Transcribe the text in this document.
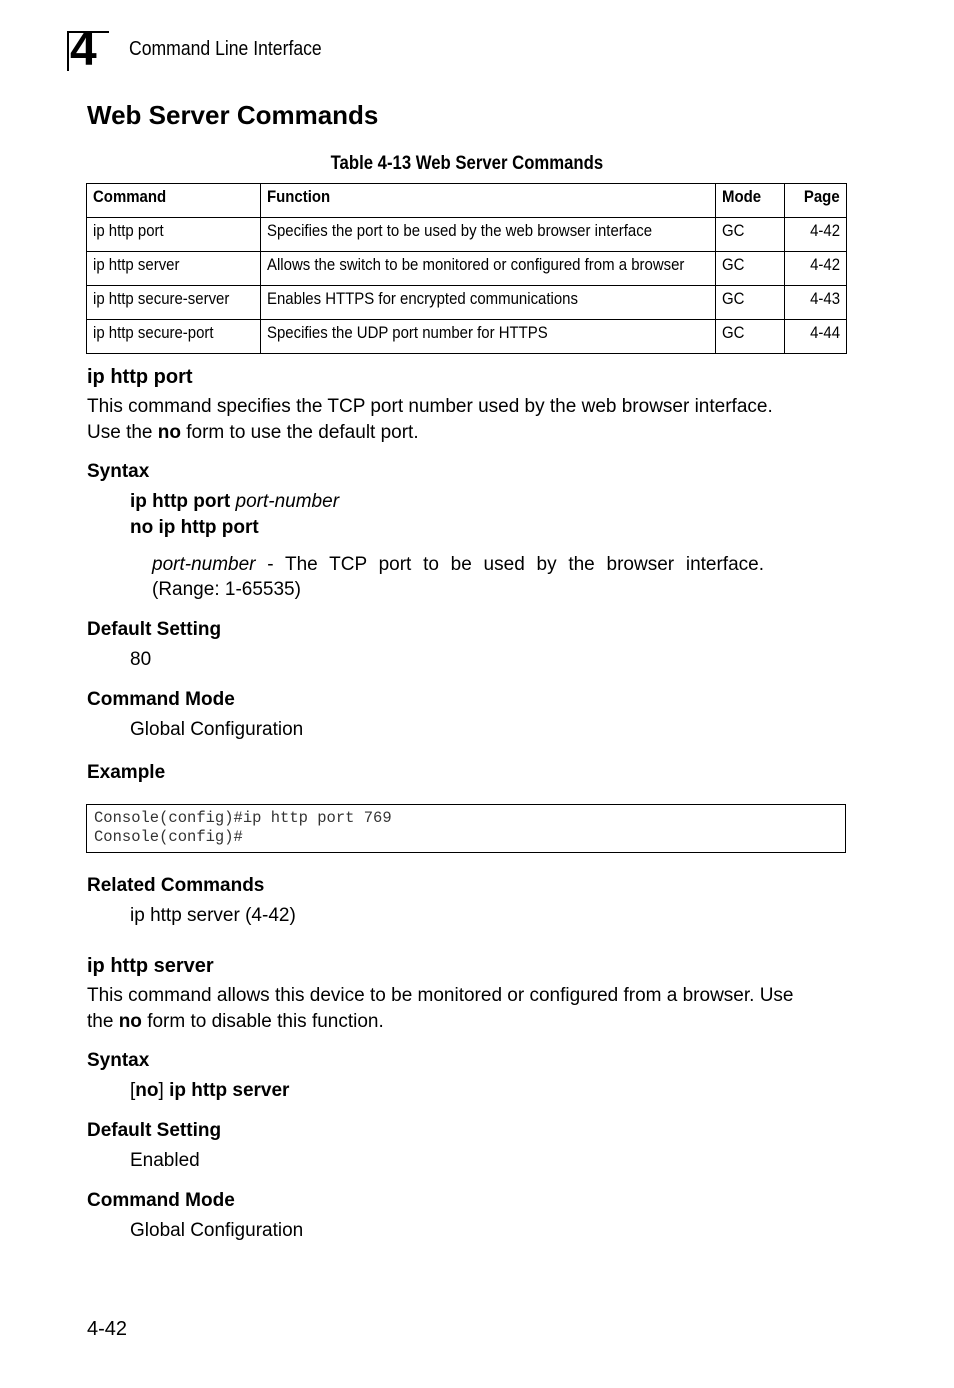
4 Command Line Interface
Web Server Commands
Table 4-13 Web Server Commands
Command	Function	Mode	Page
ip http port	Specifies the port to be used by the web browser interface	GC	4-42
ip http server	Allows the switch to be monitored or configured from a browser	GC	4-42
ip http secure-server	Enables HTTPS for encrypted communications	GC	4-43
ip http secure-port	Specifies the UDP port number for HTTPS	GC	4-44
ip http port
This command specifies the TCP port number used by the web browser interface.
Use the no form to use the default port.
Syntax
ip http port port-number
no ip http port
port-number - The TCP port to be used by the browser interface.
(Range: 1-65535)
Default Setting
80
Command Mode
Global Configuration
Example
Console(config)#ip http port 769
Console(config)#
Related Commands
ip http server (4-42)
ip http server
This command allows this device to be monitored or configured from a browser. Use
the no form to disable this function.
Syntax
[no] ip http server
Default Setting
Enabled
Command Mode
Global Configuration
4-42
